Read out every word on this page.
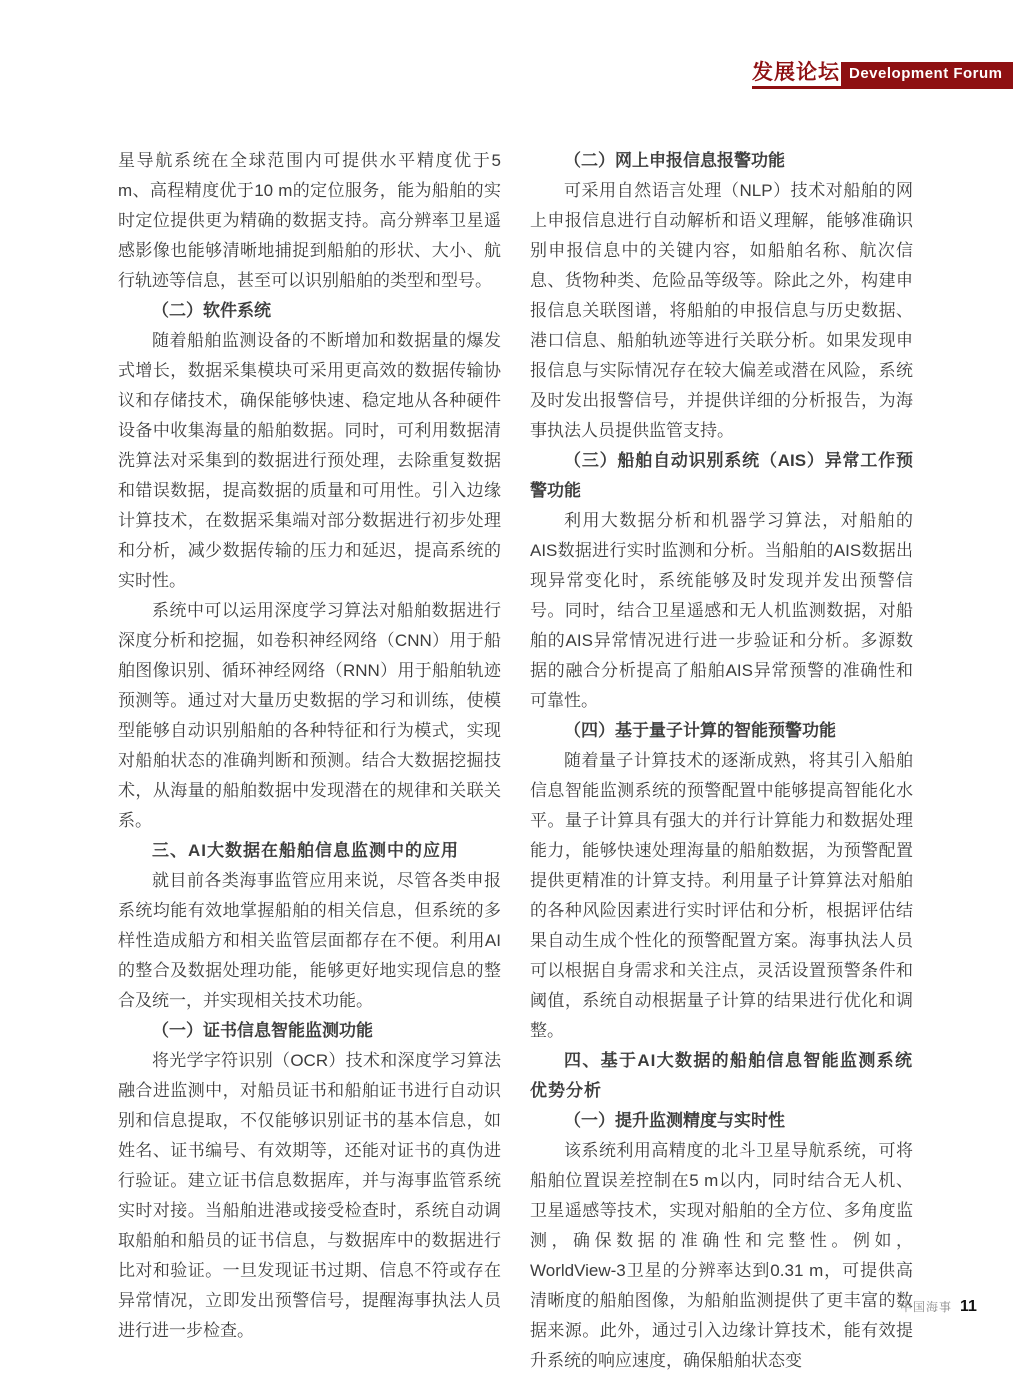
发展论坛 Development Forum

星导航系统在全球范围内可提供水平精度优于5 m、高程精度优于10 m的定位服务，能为船舶的实时定位提供更为精确的数据支持。高分辨率卫星遥感影像也能够清晰地捕捉到船舶的形状、大小、航行轨迹等信息，甚至可以识别船舶的类型和型号。

（二）软件系统

随着船舶监测设备的不断增加和数据量的爆发式增长，数据采集模块可采用更高效的数据传输协议和存储技术，确保能够快速、稳定地从各种硬件设备中收集海量的船舶数据。同时，可利用数据清洗算法对采集到的数据进行预处理，去除重复数据和错误数据，提高数据的质量和可用性。引入边缘计算技术，在数据采集端对部分数据进行初步处理和分析，减少数据传输的压力和延迟，提高系统的实时性。

系统中可以运用深度学习算法对船舶数据进行深度分析和挖掘，如卷积神经网络（CNN）用于船舶图像识别、循环神经网络（RNN）用于船舶轨迹预测等。通过对大量历史数据的学习和训练，使模型能够自动识别船舶的各种特征和行为模式，实现对船舶状态的准确判断和预测。结合大数据挖掘技术，从海量的船舶数据中发现潜在的规律和关联关系。

三、AI大数据在船舶信息监测中的应用

就目前各类海事监管应用来说，尽管各类申报系统均能有效地掌握船舶的相关信息，但系统的多样性造成船方和相关监管层面都存在不便。利用AI的整合及数据处理功能，能够更好地实现信息的整合及统一，并实现相关技术功能。

（一）证书信息智能监测功能

将光学字符识别（OCR）技术和深度学习算法融合进监测中，对船员证书和船舶证书进行自动识别和信息提取，不仅能够识别证书的基本信息，如姓名、证书编号、有效期等，还能对证书的真伪进行验证。建立证书信息数据库，并与海事监管系统实时对接。当船舶进港或接受检查时，系统自动调取船舶和船员的证书信息，与数据库中的数据进行比对和验证。一旦发现证书过期、信息不符或存在异常情况，立即发出预警信号，提醒海事执法人员进行进一步检查。

（二）网上申报信息报警功能

可采用自然语言处理（NLP）技术对船舶的网上申报信息进行自动解析和语义理解，能够准确识别申报信息中的关键内容，如船舶名称、航次信息、货物种类、危险品等级等。除此之外，构建申报信息关联图谱，将船舶的申报信息与历史数据、港口信息、船舶轨迹等进行关联分析。如果发现申报信息与实际情况存在较大偏差或潜在风险，系统及时发出报警信号，并提供详细的分析报告，为海事执法人员提供监管支持。

（三）船舶自动识别系统（AIS）异常工作预警功能

利用大数据分析和机器学习算法，对船舶的AIS数据进行实时监测和分析。当船舶的AIS数据出现异常变化时，系统能够及时发现并发出预警信号。同时，结合卫星遥感和无人机监测数据，对船舶的AIS异常情况进行进一步验证和分析。多源数据的融合分析提高了船舶AIS异常预警的准确性和可靠性。

（四）基于量子计算的智能预警功能

随着量子计算技术的逐渐成熟，将其引入船舶信息智能监测系统的预警配置中能够提高智能化水平。量子计算具有强大的并行计算能力和数据处理能力，能够快速处理海量的船舶数据，为预警配置提供更精准的计算支持。利用量子计算算法对船舶的各种风险因素进行实时评估和分析，根据评估结果自动生成个性化的预警配置方案。海事执法人员可以根据自身需求和关注点，灵活设置预警条件和阈值，系统自动根据量子计算的结果进行优化和调整。

四、基于AI大数据的船舶信息智能监测系统优势分析

（一）提升监测精度与实时性

该系统利用高精度的北斗卫星导航系统，可将船舶位置误差控制在5 m以内，同时结合无人机、卫星遥感等技术，实现对船舶的全方位、多角度监测，确保数据的准确性和完整性。例如，WorldView-3卫星的分辨率达到0.31 m，可提供高清晰度的船舶图像，为船舶监测提供了更丰富的数据来源。此外，通过引入边缘计算技术，能有效提升系统的响应速度，确保船舶状态变

中国海事 11
